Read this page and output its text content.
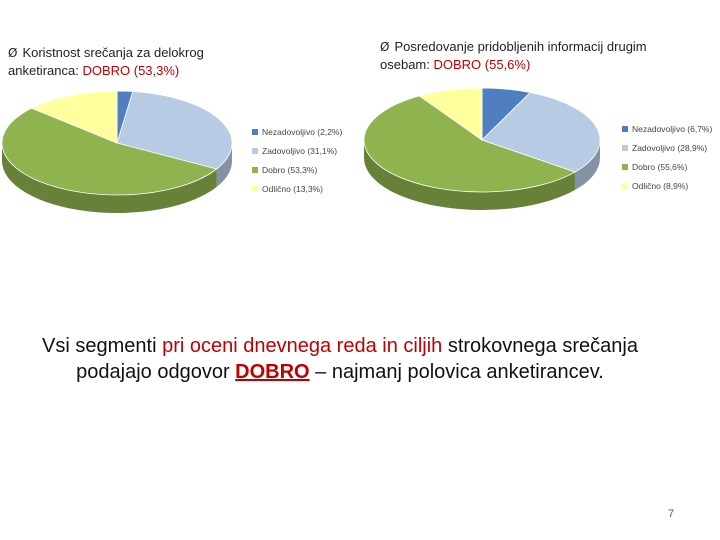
Ø Koristnost srečanja za delokrog
anketiranca: DOBRO (53,3%)
Ø Posredovanje pridobljenih informacij drugim
osebam: DOBRO (55,6%)
Nezadovoljivo (2,2%)
Zadovoljivo (31,1%)
Dobro (53,3%)
Odlično (13,3%)
Nezadovoljivo (6,7%)
Zadovoljivo (28,9%)
Dobro (55,6%)
Odlično (8,9%)
Vsi segmenti pri oceni dnevnega reda in ciljih strokovnega srečanja podajajo odgovor DOBRO – najmanj polovica anketirancev.
7
